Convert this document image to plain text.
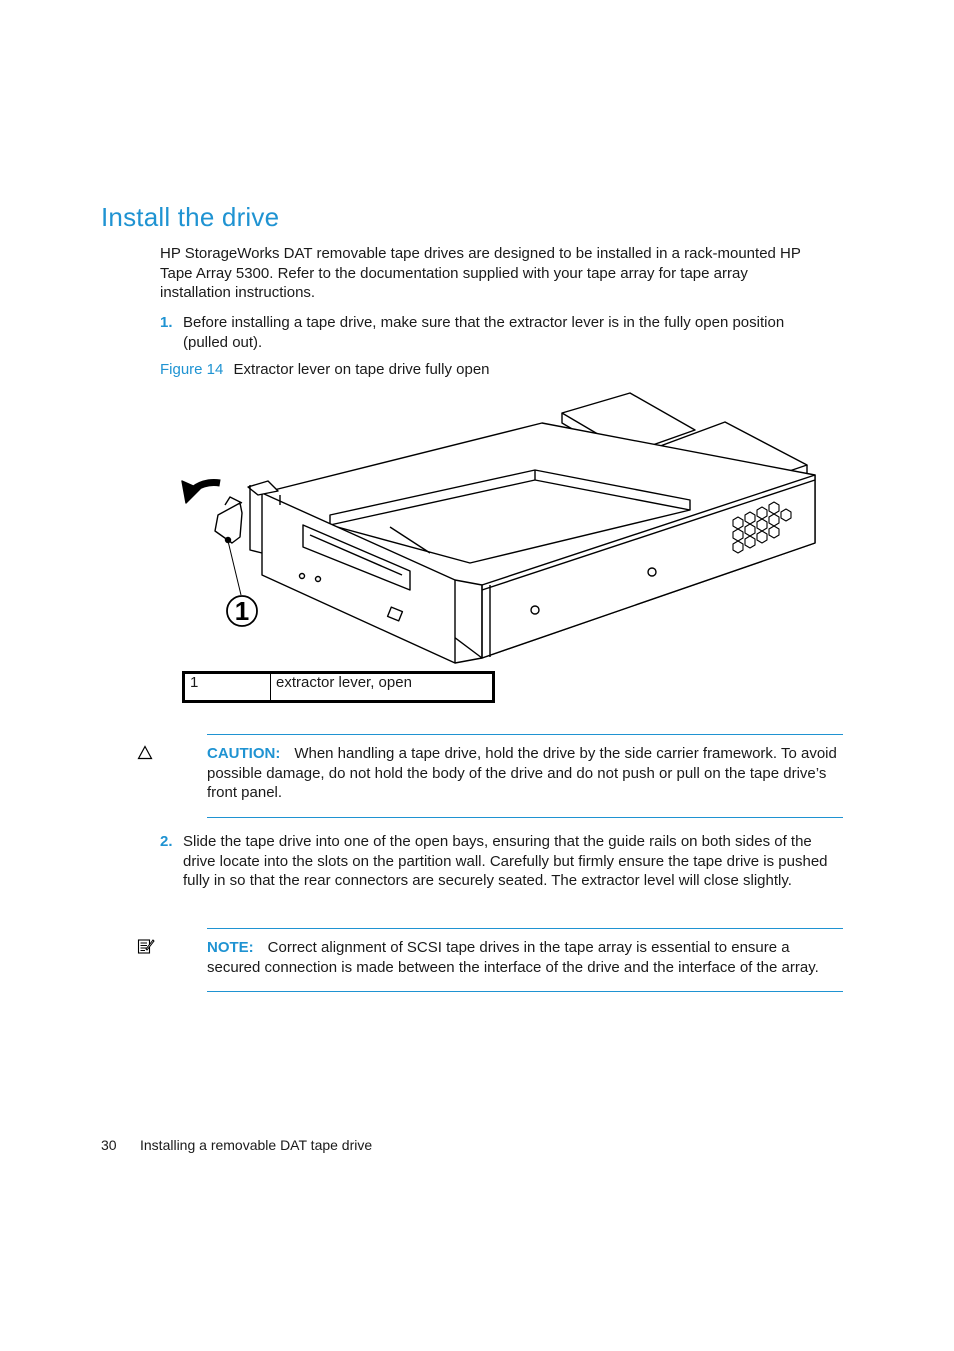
Install the drive
HP StorageWorks DAT removable tape drives are designed to be installed in a rack-mounted HP Tape Array 5300. Refer to the documentation supplied with your tape array for tape array installation instructions.
1. Before installing a tape drive, make sure that the extractor lever is in the fully open position (pulled out).
Figure 14 Extractor lever on tape drive fully open
1
1	extractor lever, open
CAUTION: When handling a tape drive, hold the drive by the side carrier framework. To avoid possible damage, do not hold the body of the drive and do not push or pull on the tape drive’s front panel.
2. Slide the tape drive into one of the open bays, ensuring that the guide rails on both sides of the drive locate into the slots on the partition wall. Carefully but firmly ensure the tape drive is pushed fully in so that the rear connectors are securely seated. The extractor level will close slightly.
NOTE: Correct alignment of SCSI tape drives in the tape array is essential to ensure a secured connection is made between the interface of the drive and the interface of the array.
30 Installing a removable DAT tape drive
